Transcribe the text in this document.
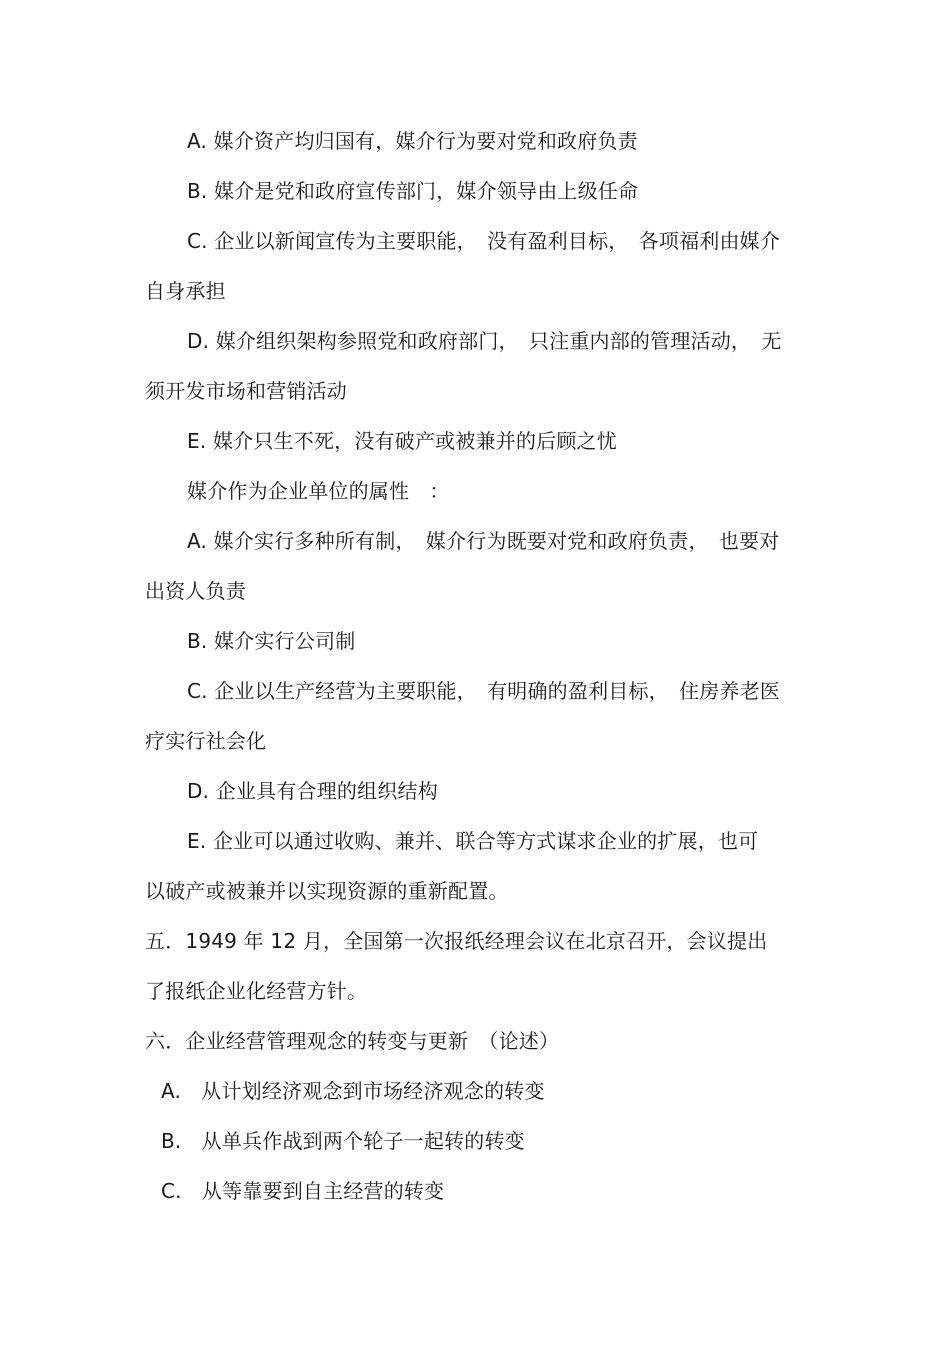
A. 媒介资产均归国有，媒介行为要对党和政府负责
B. 媒介是党和政府宣传部门，媒介领导由上级任命
C. 企业以新闻宣传为主要职能，　没有盈利目标，　各项福利由媒介
自身承担
D. 媒介组织架构参照党和政府部门，　只注重内部的管理活动，　无
须开发市场和营销活动
E. 媒介只生不死，没有破产或被兼并的后顾之忧
媒介作为企业单位的属性　：
A. 媒介实行多种所有制，　媒介行为既要对党和政府负责，　也要对
出资人负责
B. 媒介实行公司制
C. 企业以生产经营为主要职能，　有明确的盈利目标，　住房养老医
疗实行社会化
D. 企业具有合理的组织结构
E. 企业可以通过收购、兼并、联合等方式谋求企业的扩展，也可
以破产或被兼并以实现资源的重新配置。
五．1949 年 12 月，全国第一次报纸经理会议在北京召开，会议提出
了报纸企业化经营方针。
六．企业经营管理观念的转变与更新　（论述）
A.　从计划经济观念到市场经济观念的转变
B.　从单兵作战到两个轮子一起转的转变
C.　从等靠要到自主经营的转变
